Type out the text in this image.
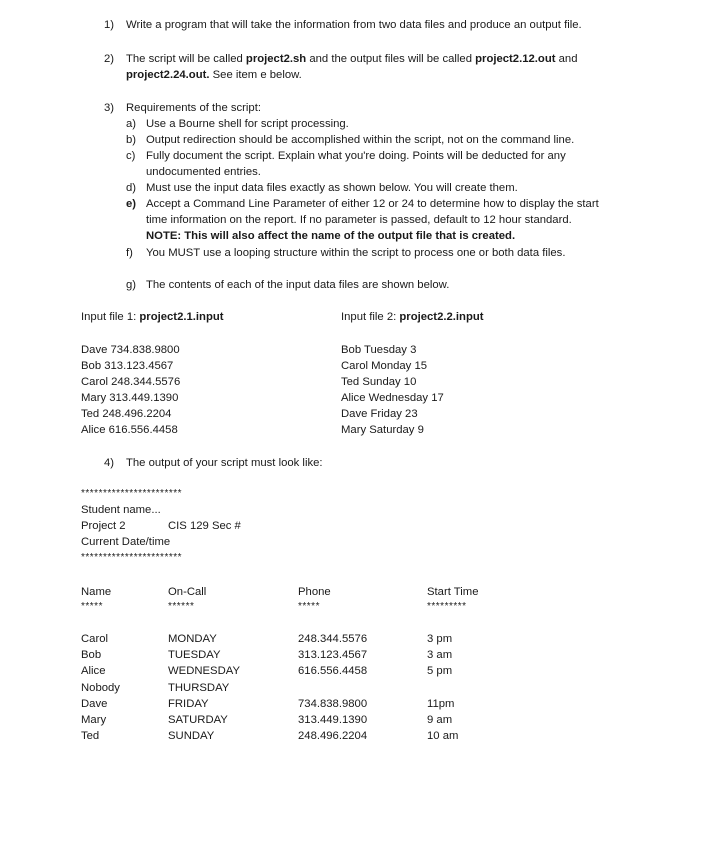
1) Write a program that will take the information from two data files and produce an output file.
2) The script will be called project2.sh and the output files will be called project2.12.out and
project2.24.out. See item e below.
3) Requirements of the script:
a) Use a Bourne shell for script processing.
b) Output redirection should be accomplished within the script, not on the command line.
c) Fully document the script. Explain what you're doing. Points will be deducted for any
undocumented entries.
d) Must use the input data files exactly as shown below. You will create them.
e) Accept a Command Line Parameter of either 12 or 24 to determine how to display the start
time information on the report. If no parameter is passed, default to 12 hour standard.
NOTE: This will also affect the name of the output file that is created.
f) You MUST use a looping structure within the script to process one or both data files.
g) The contents of each of the input data files are shown below.
Input file 1: project2.1.input
Dave 734.838.9800
Bob 313.123.4567
Carol 248.344.5576
Mary 313.449.1390
Ted 248.496.2204
Alice 616.556.4458
Input file 2: project2.2.input
Bob Tuesday 3
Carol Monday 15
Ted Sunday 10
Alice Wednesday 17
Dave Friday 23
Mary Saturday 9
4) The output of your script must look like:
***********************
Student name...
Project 2	CIS 129 Sec #
Current Date/time
***********************
Name	On-Call	Phone	Start Time
*****	******	*****	*********
Carol	MONDAY	248.344.5576	3 pm
Bob	TUESDAY	313.123.4567	3 am
Alice	WEDNESDAY	616.556.4458	5 pm
Nobody	THURSDAY
Dave	FRIDAY	734.838.9800	11pm
Mary	SATURDAY	313.449.1390	9 am
Ted	SUNDAY	248.496.2204	10 am
